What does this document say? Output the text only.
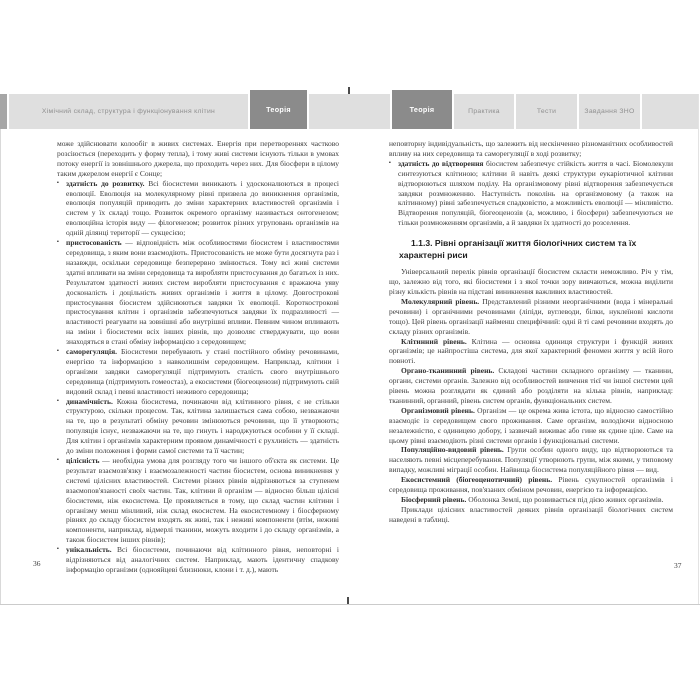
Хімічний склад, структура і функціонування клітин	Теорія	Теорія	Практика	Тести	Завдання ЗНО
може здійснювати колообіг в живих системах. Енергія при перетвореннях частково розсіюється (переходить у форму тепла), і тому живі системи існують тільки в умовах потоку енергії із зовнішнього джерела, що проходить через них. Для біосфери в цілому таким джерелом енергії є Сонце;
▪ здатність до розвитку. Всі біосистеми виникають і удосконалюються в процесі еволюції. Еволюція на молекулярному рівні призвела до виникнення організмів, еволюція популяцій приводить до зміни характерних властивостей організмів і систем у їх складі тощо. Розвиток окремого організму називається онтогенезом; еволюційна історія виду — філогенезом; розвиток різних угруповань організмів на одній ділянці території — сукцесією;
▪ пристосованість — відповідність між особливостями біосистем і властивостями середовища, з яким вони взаємодіють. Пристосованість не може бути досягнута раз і назавжди, оскільки середовище безперервно змінюється. Тому всі живі системи здатні впливати на зміни середовища та виробляти пристосування до багатьох із них. Результатом здатності живих систем виробляти пристосування є вражаюча уяву досконалість і доцільність живих організмів і життя в цілому. Довгострокові пристосування біосистем здійснюються завдяки їх еволюції. Короткострокові пристосування клітин і організмів забезпечуються завдяки їх подразливості — властивості реагувати на зовнішні або внутрішні впливи. Певним чином впливають на зміни і біосистеми всіх інших рівнів, що дозволяє стверджувати, що вони знаходяться в стані обміну інформацією з середовищем;
▪ саморегуляція. Біосистеми перебувають у стані постійного обміну речовинами, енергією та інформацією з навколишнім середовищем. Наприклад, клітини і організми завдяки саморегуляції підтримують сталість свого внутрішнього середовища (підтримують гомеостаз), а екосистеми (біогеоценози) підтримують свій видовий склад і певні властивості неживого середовища;
▪ динамічність. Кожна біосистема, починаючи від клітинного рівня, є не стільки структурою, скільки процесом. Так, клітина залишається сама собою, незважаючи на те, що в результаті обміну речовин змінюються речовини, що її утворюють; популяція існує, незважаючи на те, що гинуть і народжуються особини у її складі. Для клітин і організмів характерним проявом динамічності є рухливість — здатність до зміни положення і форми самої системи та її частин;
▪ цілісність — необхідна умова для розгляду того чи іншого об'єкта як системи. Це результат взаємозв'язку і взаємозалежності частин біосистем, основа виникнення у системі цілісних властивостей. Системи різних рівнів відрізняються за ступенем взаємопов'язаності своїх частин. Так, клітини й організм — відносно більш цілісні біосистеми, ніж екосистема. Це проявляється в тому, що склад частин клітини і організму менш мінливий, ніж склад екосистем. На екосистемному і біосферному рівнях до складу біосистем входять як живі, так і неживі компоненти (втім, неживі компоненти, наприклад, відмерлі тканини, можуть входити і до складу організмів, а також біосистем інших рівнів);
▪ унікальність. Всі біосистеми, починаючи від клітинного рівня, неповторні і відрізняються від аналогічних систем. Наприклад, мають ідентичну спадкову інформацію організми (однояйцеві близнюки, клони і т. д.), мають
неповторну індивідуальність, що залежить від нескінченно різноманітних особливостей впливу на них середовища та саморегуляції в ході розвитку;
▪ здатність до відтворення біосистем забезпечує стійкість життя в часі. Біомолекули синтезуються клітиною; клітини й навіть деякі структури еукаріотичної клітини відтворюються шляхом поділу. На організмовому рівні відтворення забезпечується завдяки розмноженню. Наступність поколінь на організмовому (а також на клітинному) рівні забезпечується спадковістю, а можливість еволюції — мінливістю. Відтворення популяцій, біогеоценозів (а, можливо, і біосфери) забезпечуються не тільки розмноженням організмів, а й завдяки їх здатності до розселення.
1.1.3. Рівні організації життя біологічних систем та їх характерні риси
Універсальний перелік рівнів організації біосистем скласти неможливо. Річ у тім, що, залежно від того, які біосистеми і з якої точки зору вивчаються, можна виділити різну кількість рівнів на підставі виникнення важливих властивостей.
Молекулярний рівень. Представлений різними неорганічними (вода і мінеральні речовини) і органічними речовинами (ліпіди, вуглеводи, білки, нуклеїнові кислоти тощо). Цей рівень організації найменш специфічний: одні й ті самі речовини входять до складу різних організмів.
Клітинний рівень. Клітина — основна одиниця структури і функцій живих організмів; це найпростіша система, для якої характерний феномен життя у всій його повноті.
Органо-тканинний рівень. Складові частини складного організму — тканини, органи, системи органів. Залежно від особливостей вивчення тієї чи іншої системи цей рівень можна розглядати як єдиний або розділяти на кілька рівнів, наприклад: тканинний, органний, рівень систем органів, функціональних систем.
Організмовий рівень. Організм — це окрема жива істота, що відносно самостійно взаємодіє із середовищем свого проживання. Саме організм, володіючи відносною незалежністю, є одиницею добору, і зазвичай виживає або гине як єдине ціле. Саме на цьому рівні взаємодіють різні системи органів і функціональні системи.
Популяційно-видовий рівень. Групи особин одного виду, що відтворюються та населяють певні місцеперебування. Популяції утворюють групи, між якими, у типовому випадку, можливі міграції особин. Найвища біосистема популяційного рівня — вид.
Екосистемний (біогеоценотичний) рівень. Рівень сукупностей організмів і середовища проживання, пов'язаних обміном речовин, енергією та інформацією.
Біосферний рівень. Оболонка Землі, що розвивається під дією живих організмів.
Приклади цілісних властивостей деяких рівнів організації біологічних систем наведені в таблиці.
36	37
